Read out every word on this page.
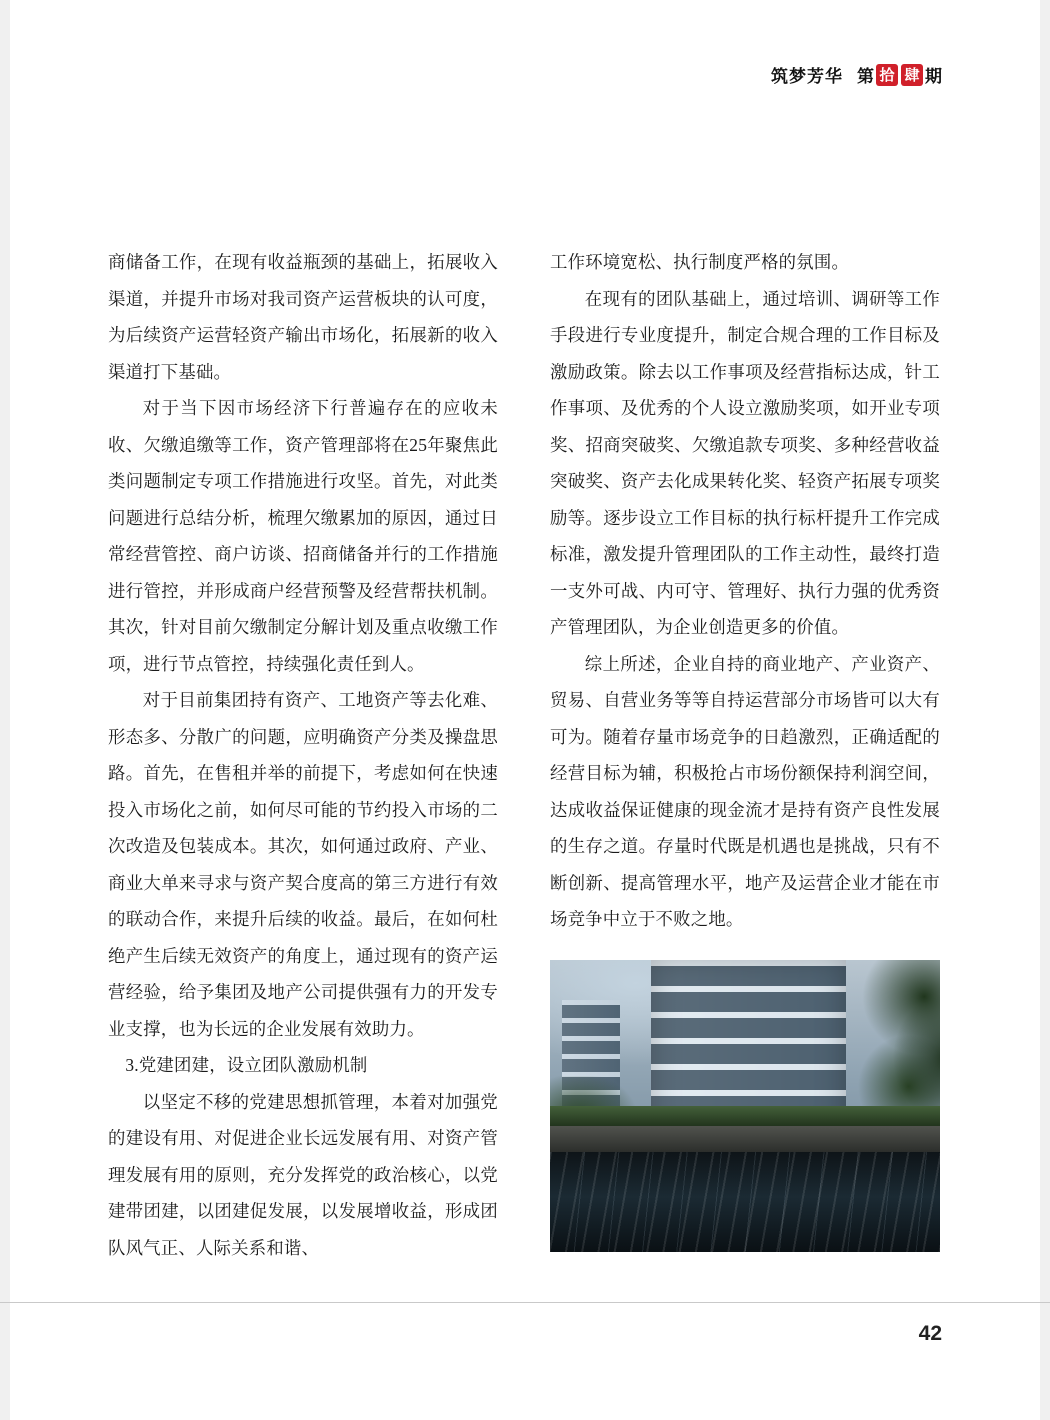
筑梦芳华 第 拾 肆 期

商储备工作，在现有收益瓶颈的基础上，拓展收入渠道，并提升市场对我司资产运营板块的认可度，为后续资产运营轻资产输出市场化，拓展新的收入渠道打下基础。

对于当下因市场经济下行普遍存在的应收未收、欠缴追缴等工作，资产管理部将在25年聚焦此类问题制定专项工作措施进行攻坚。首先，对此类问题进行总结分析，梳理欠缴累加的原因，通过日常经营管控、商户访谈、招商储备并行的工作措施进行管控，并形成商户经营预警及经营帮扶机制。其次，针对目前欠缴制定分解计划及重点收缴工作项，进行节点管控，持续强化责任到人。

对于目前集团持有资产、工地资产等去化难、形态多、分散广的问题，应明确资产分类及操盘思路。首先，在售租并举的前提下，考虑如何在快速投入市场化之前，如何尽可能的节约投入市场的二次改造及包装成本。其次，如何通过政府、产业、商业大单来寻求与资产契合度高的第三方进行有效的联动合作，来提升后续的收益。最后，在如何杜绝产生后续无效资产的角度上，通过现有的资产运营经验，给予集团及地产公司提供强有力的开发专业支撑，也为长远的企业发展有效助力。

3.党建团建，设立团队激励机制

以坚定不移的党建思想抓管理，本着对加强党的建设有用、对促进企业长远发展有用、对资产管理发展有用的原则，充分发挥党的政治核心，以党建带团建，以团建促发展，以发展增收益，形成团队风气正、人际关系和谐、

工作环境宽松、执行制度严格的氛围。

在现有的团队基础上，通过培训、调研等工作手段进行专业度提升，制定合规合理的工作目标及激励政策。除去以工作事项及经营指标达成，针工作事项、及优秀的个人设立激励奖项，如开业专项奖、招商突破奖、欠缴追款专项奖、多种经营收益突破奖、资产去化成果转化奖、轻资产拓展专项奖励等。逐步设立工作目标的执行标杆提升工作完成标准，激发提升管理团队的工作主动性，最终打造一支外可战、内可守、管理好、执行力强的优秀资产管理团队，为企业创造更多的价值。

综上所述，企业自持的商业地产、产业资产、贸易、自营业务等等自持运营部分市场皆可以大有可为。随着存量市场竞争的日趋激烈，正确适配的经营目标为辅，积极抢占市场份额保持利润空间，达成收益保证健康的现金流才是持有资产良性发展的生存之道。存量时代既是机遇也是挑战，只有不断创新、提高管理水平，地产及运营企业才能在市场竞争中立于不败之地。

42
